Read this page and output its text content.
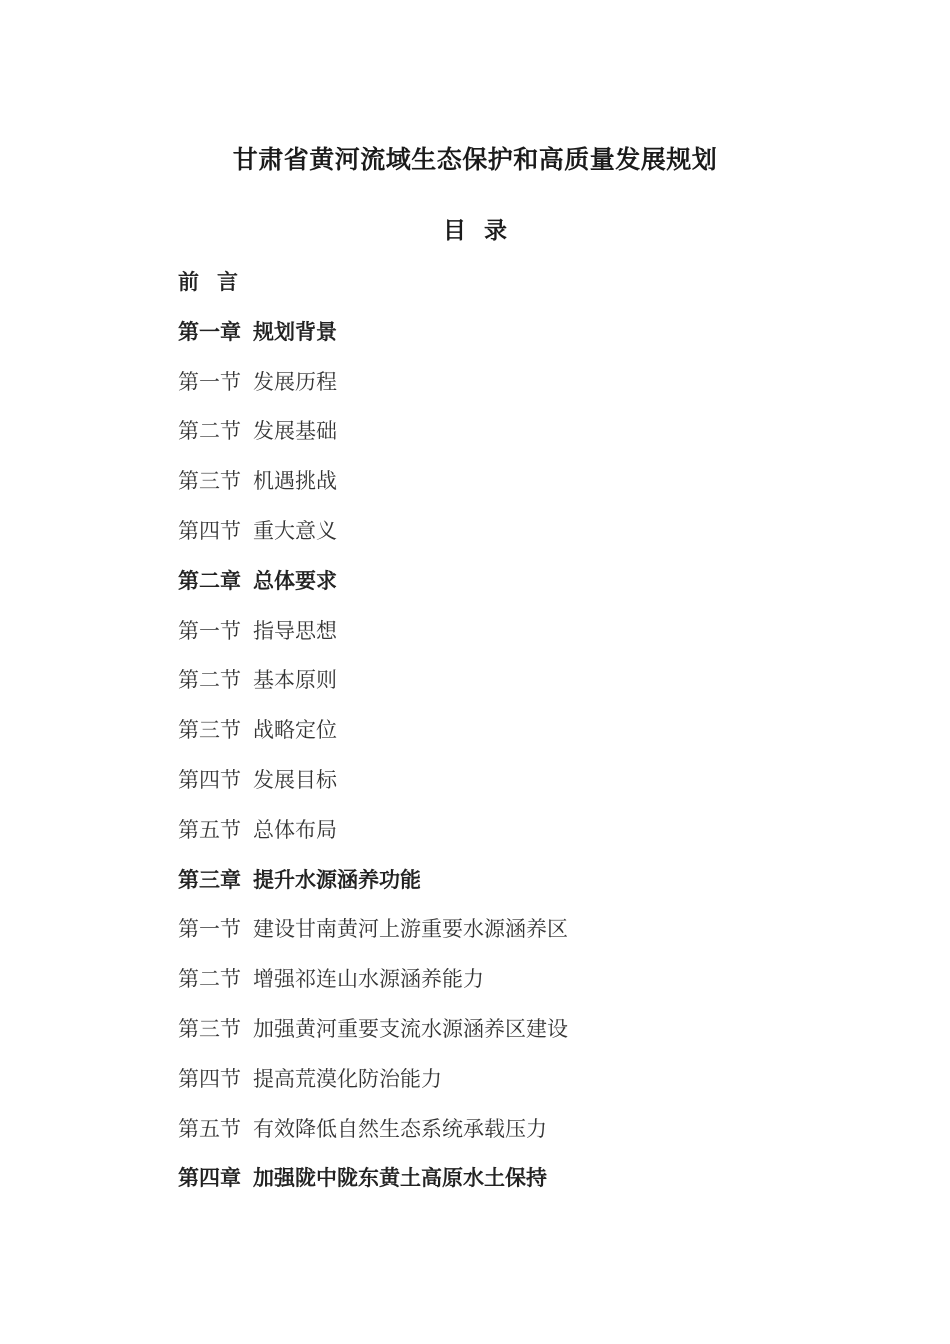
甘肃省黄河流域生态保护和高质量发展规划
目 录
前 言
第一章 规划背景
第一节 发展历程
第二节 发展基础
第三节 机遇挑战
第四节 重大意义
第二章 总体要求
第一节 指导思想
第二节 基本原则
第三节 战略定位
第四节 发展目标
第五节 总体布局
第三章 提升水源涵养功能
第一节 建设甘南黄河上游重要水源涵养区
第二节 增强祁连山水源涵养能力
第三节 加强黄河重要支流水源涵养区建设
第四节 提高荒漠化防治能力
第五节 有效降低自然生态系统承载压力
第四章 加强陇中陇东黄土高原水土保持
